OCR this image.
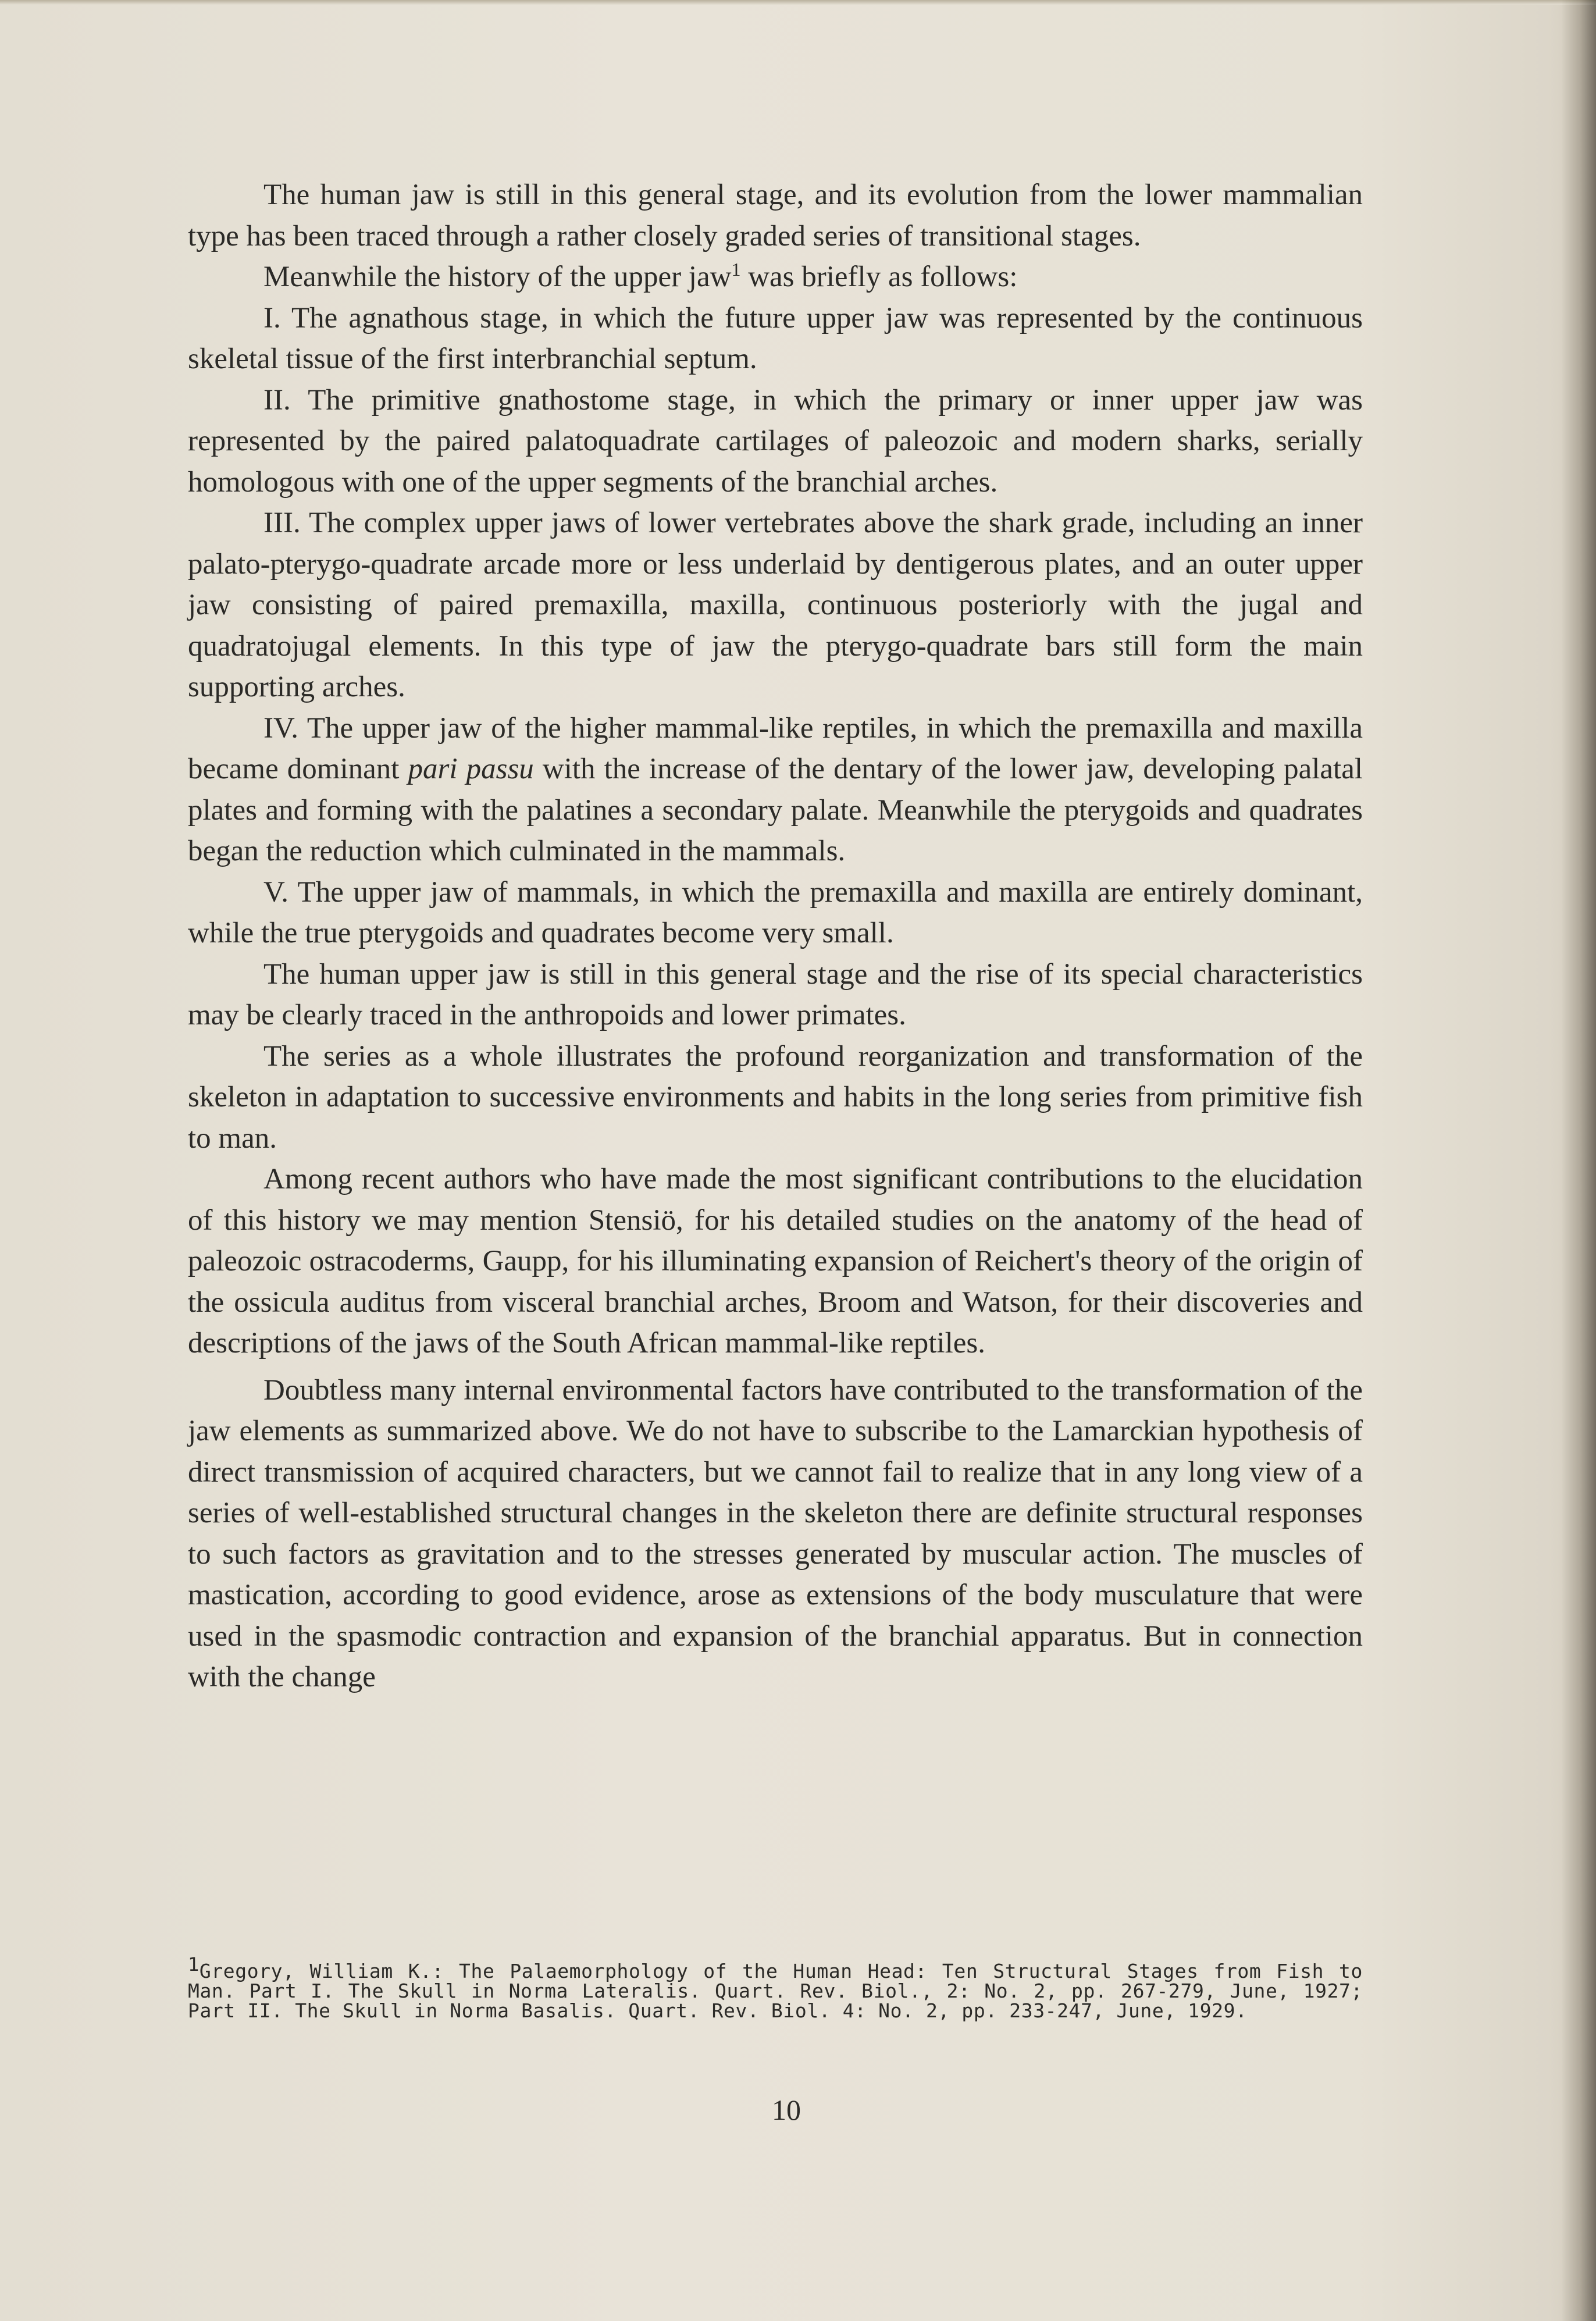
The human jaw is still in this general stage, and its evolution from the lower mammalian type has been traced through a rather closely graded series of transitional stages.

Meanwhile the history of the upper jaw$^1$ was briefly as follows:

I. The agnathous stage, in which the future upper jaw was represented by the continuous skeletal tissue of the first interbranchial septum.

II. The primitive gnathostome stage, in which the primary or inner upper jaw was represented by the paired palatoquadrate cartilages of paleozoic and modern sharks, serially homologous with one of the upper segments of the branchial arches.

III. The complex upper jaws of lower vertebrates above the shark grade, including an inner palato-pterygo-quadrate arcade more or less underlaid by dentigerous plates, and an outer upper jaw consisting of paired premaxilla, maxilla, continuous posteriorly with the jugal and quadratojugal elements. In this type of jaw the pterygo-quadrate bars still form the main supporting arches.

IV. The upper jaw of the higher mammal-like reptiles, in which the premaxilla and maxilla became dominant pari passu with the increase of the dentary of the lower jaw, developing palatal plates and forming with the palatines a secondary palate. Meanwhile the pterygoids and quadrates began the reduction which culminated in the mammals.

V. The upper jaw of mammals, in which the premaxilla and maxilla are entirely dominant, while the true pterygoids and quadrates become very small.

The human upper jaw is still in this general stage and the rise of its special characteristics may be clearly traced in the anthropoids and lower primates.

The series as a whole illustrates the profound reorganization and transformation of the skeleton in adaptation to successive environments and habits in the long series from primitive fish to man.

Among recent authors who have made the most significant contributions to the elucidation of this history we may mention Stensiö, for his detailed studies on the anatomy of the head of paleozoic ostracoderms, Gaupp, for his illuminating expansion of Reichert's theory of the origin of the ossicula auditus from visceral branchial arches, Broom and Watson, for their discoveries and descriptions of the jaws of the South African mammal-like reptiles.

Doubtless many internal environmental factors have contributed to the transformation of the jaw elements as summarized above. We do not have to subscribe to the Lamarckian hypothesis of direct transmission of acquired characters, but we cannot fail to realize that in any long view of a series of well-established structural changes in the skeleton there are definite structural responses to such factors as gravitation and to the stresses generated by muscular action. The muscles of mastication, according to good evidence, arose as extensions of the body musculature that were used in the spasmodic contraction and expansion of the branchial apparatus. But in connection with the change

$^1$Gregory, William K.: The Palaemorphology of the Human Head: Ten Structural Stages from Fish to Man. Part I. The Skull in Norma Lateralis. Quart. Rev. Biol., 2: No. 2, pp. 267-279, June, 1927; Part II. The Skull in Norma Basalis. Quart. Rev. Biol. 4: No. 2, pp. 233-247, June, 1929.

10
